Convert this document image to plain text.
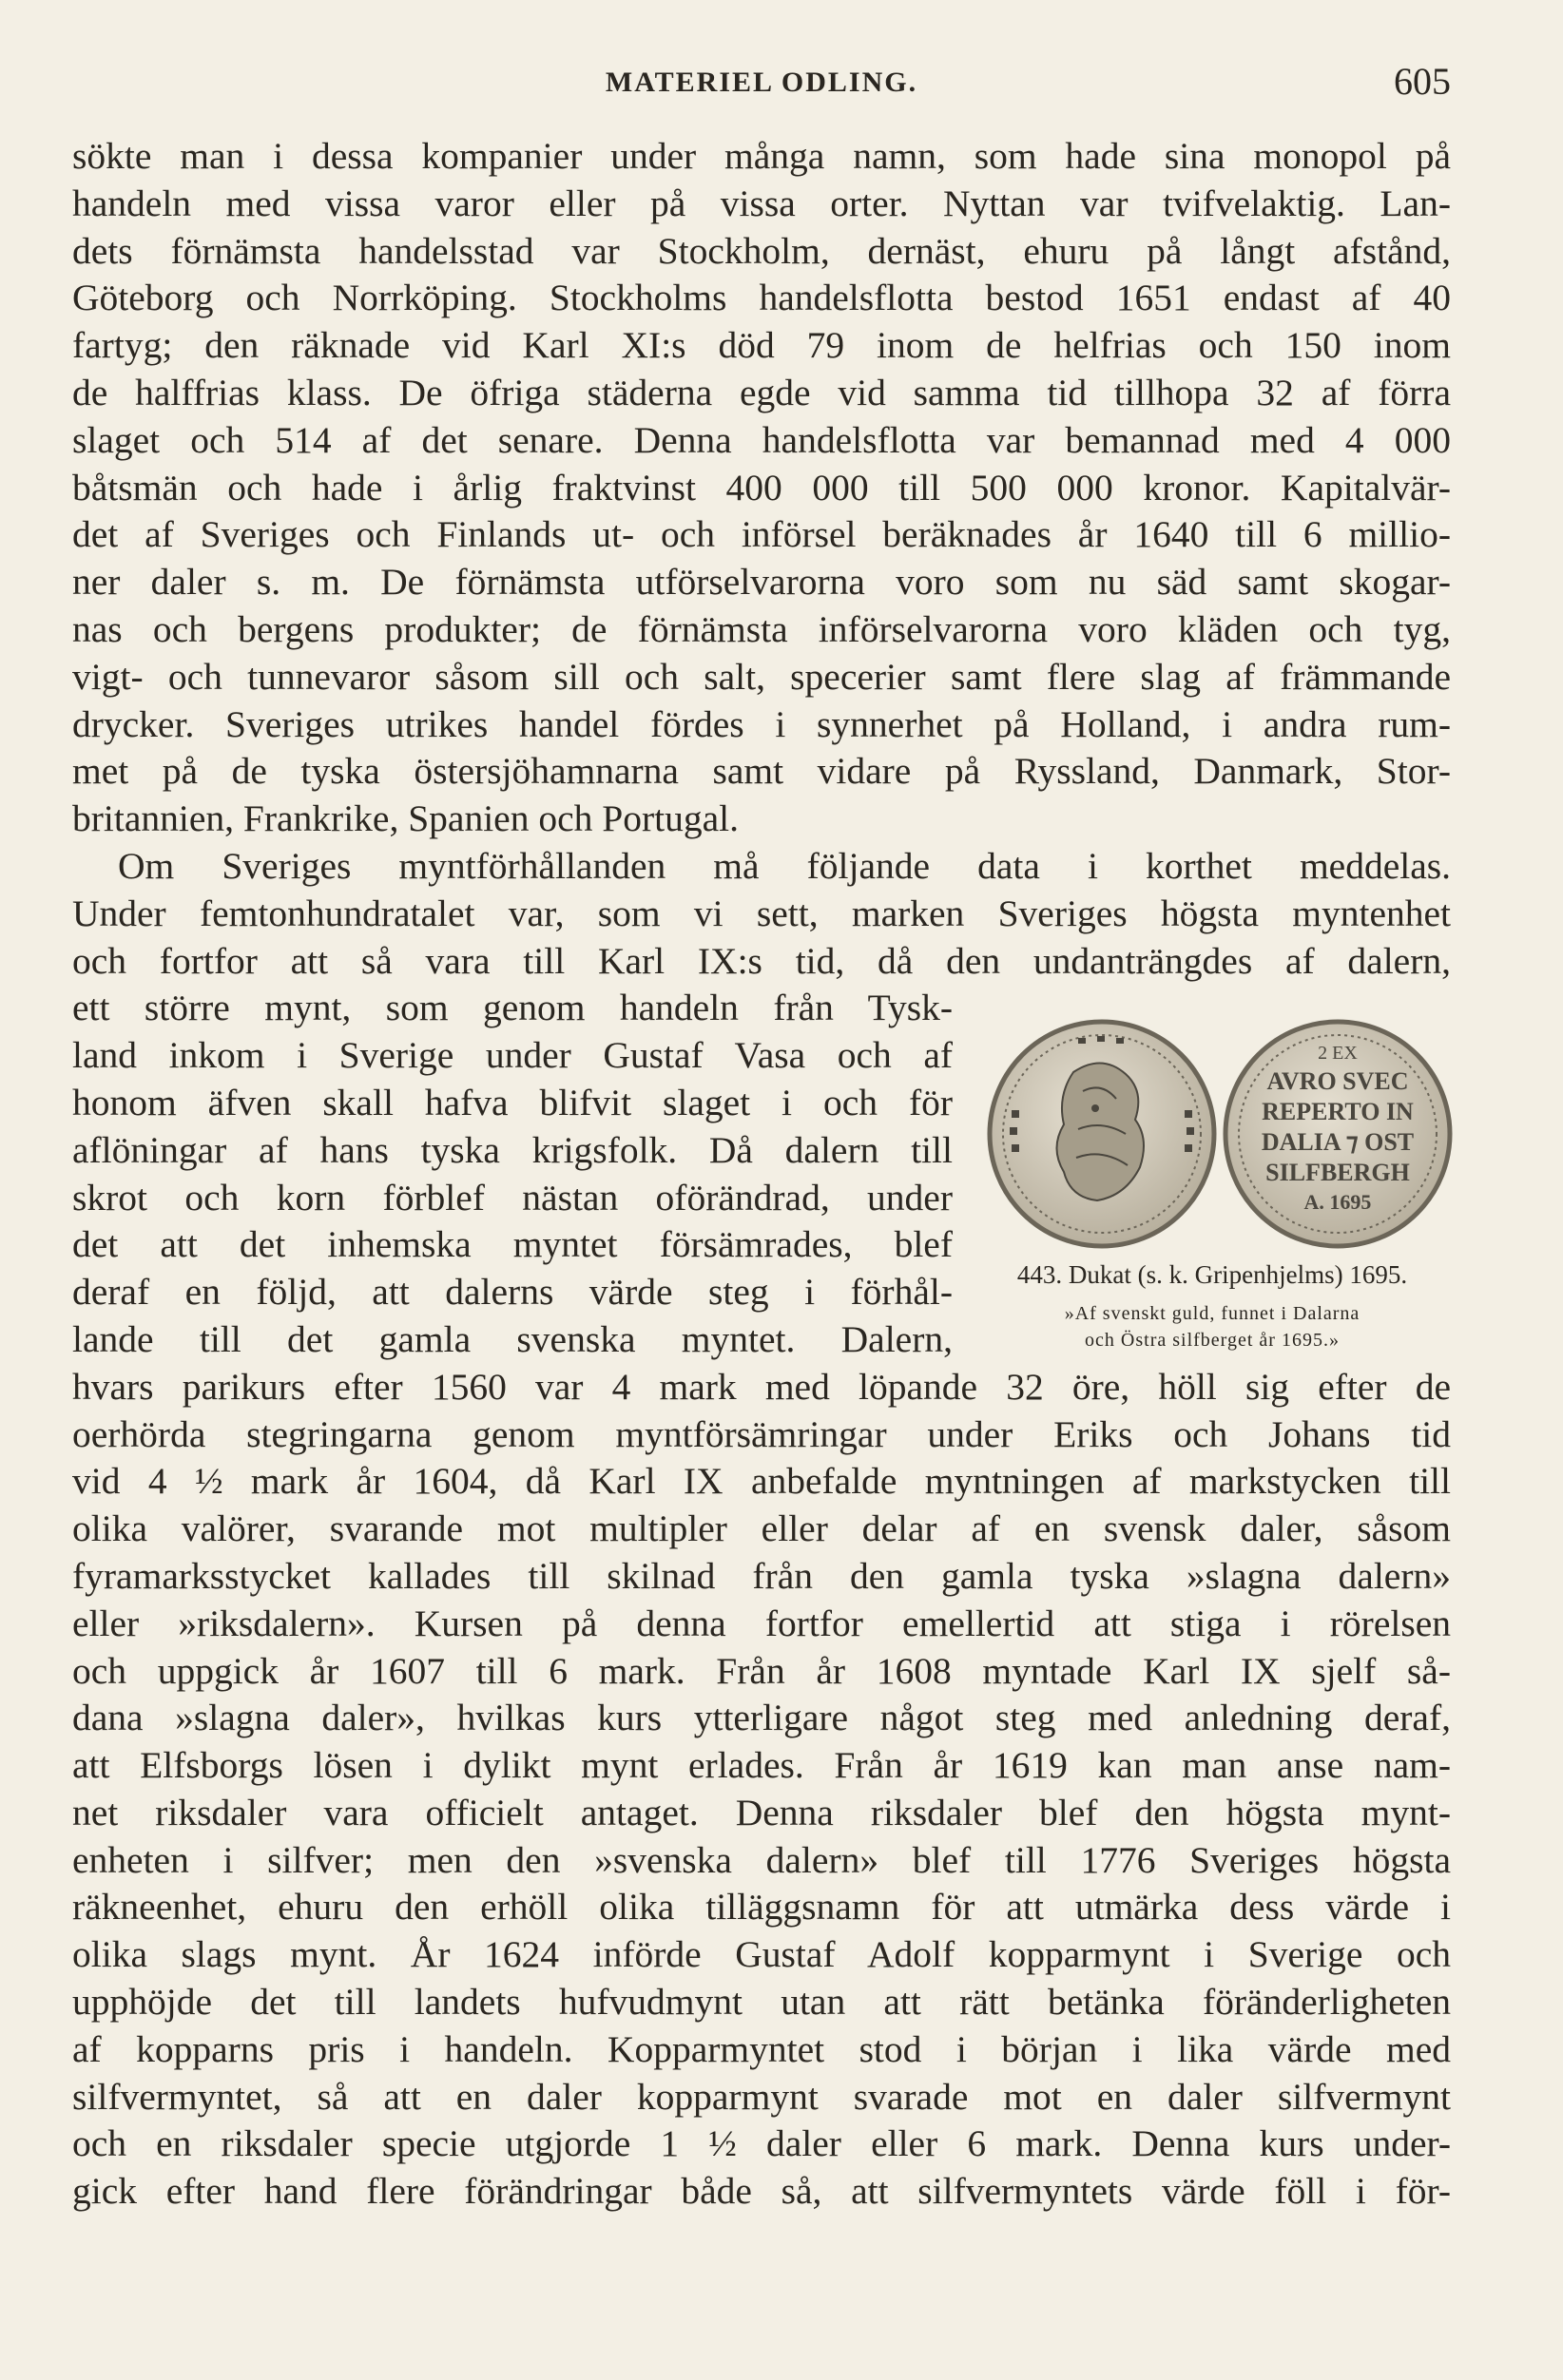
MATERIEL ODLING.	605
sökte man i dessa kompanier under många namn, som hade sina monopol på
handeln med vissa varor eller på vissa orter. Nyttan var tvifvelaktig. Lan-
dets förnämsta handelsstad var Stockholm, dernäst, ehuru på långt afstånd,
Göteborg och Norrköping. Stockholms handelsflotta bestod 1651 endast af 40
fartyg; den räknade vid Karl XI:s död 79 inom de helfrias och 150 inom
de halffrias klass. De öfriga städerna egde vid samma tid tillhopa 32 af förra
slaget och 514 af det senare. Denna handelsflotta var bemannad med 4 000
båtsmän och hade i årlig fraktvinst 400 000 till 500 000 kronor. Kapitalvär-
det af Sveriges och Finlands ut- och införsel beräknades år 1640 till 6 millio-
ner daler s. m. De förnämsta utförselvarorna voro som nu säd samt skogar-
nas och bergens produkter; de förnämsta införselvarorna voro kläden och tyg,
vigt- och tunnevaror såsom sill och salt, specerier samt flere slag af främmande
drycker. Sveriges utrikes handel fördes i synnerhet på Holland, i andra rum-
met på de tyska östersjöhamnarna samt vidare på Ryssland, Danmark, Stor-
britannien, Frankrike, Spanien och Portugal.
Om Sveriges myntförhållanden må följande data i korthet meddelas.
Under femtonhundratalet var, som vi sett, marken Sveriges högsta myntenhet
och fortfor att så vara till Karl IX:s tid, då den undanträngdes af dalern,
ett större mynt, som genom handeln från Tysk-
land inkom i Sverige under Gustaf Vasa och af
honom äfven skall hafva blifvit slaget i och för
aflöningar af hans tyska krigsfolk. Då dalern till
skrot och korn förblef nästan oförändrad, under
det att det inhemska myntet försämrades, blef
deraf en följd, att dalerns värde steg i förhål-
lande till det gamla svenska myntet. Dalern,
hvars parikurs efter 1560 var 4 mark med löpande 32 öre, höll sig efter de
oerhörda stegringarna genom myntförsämringar under Eriks och Johans tid
vid 4 ½ mark år 1604, då Karl IX anbefalde myntningen af markstycken till
olika valörer, svarande mot multipler eller delar af en svensk daler, såsom
fyramarksstycket kallades till skilnad från den gamla tyska »slagna dalern»
eller »riksdalern». Kursen på denna fortfor emellertid att stiga i rörelsen
och uppgick år 1607 till 6 mark. Från år 1608 myntade Karl IX sjelf så-
dana »slagna daler», hvilkas kurs ytterligare något steg med anledning deraf,
att Elfsborgs lösen i dylikt mynt erlades. Från år 1619 kan man anse nam-
net riksdaler vara officielt antaget. Denna riksdaler blef den högsta mynt-
enheten i silfver; men den »svenska dalern» blef till 1776 Sveriges högsta
räkneenhet, ehuru den erhöll olika tilläggsnamn för att utmärka dess värde i
olika slags mynt. År 1624 införde Gustaf Adolf kopparmynt i Sverige och
upphöjde det till landets hufvudmynt utan att rätt betänka föränderligheten
af kopparns pris i handeln. Kopparmyntet stod i början i lika värde med
silfvermyntet, så att en daler kopparmynt svarade mot en daler silfvermynt
och en riksdaler specie utgjorde 1 ½ daler eller 6 mark. Denna kurs under-
gick efter hand flere förändringar både så, att silfvermyntets värde föll i för-
2 EX
AVRO SVEC
REPERTO IN
DALIA ⁊ OST
SILFBERGH
A. 1695
443. Dukat (s. k. Gripenhjelms) 1695.
»Af svenskt guld, funnet i Dalarna
och Östra silfberget år 1695.»
